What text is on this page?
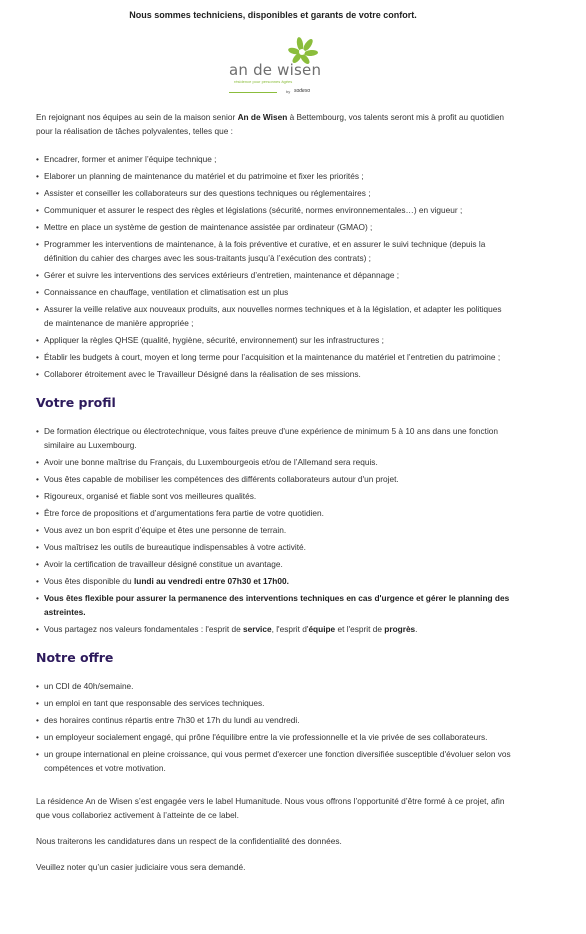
Nous sommes techniciens, disponibles et garants de votre confort.
an de wisen
résidence pour personnes âgées
by sodexo

En rejoignant nos équipes au sein de la maison senior An de Wisen à Bettembourg, vos talents seront mis à profit au quotidien pour la réalisation de tâches polyvalentes, telles que :

• Encadrer, former et animer l’équipe technique ;
• Elaborer un planning de maintenance du matériel et du patrimoine et fixer les priorités ;
• Assister et conseiller les collaborateurs sur des questions techniques ou réglementaires ;
• Communiquer et assurer le respect des règles et législations (sécurité, normes environnementales…) en vigueur ;
• Mettre en place un système de gestion de maintenance assistée par ordinateur (GMAO) ;
• Programmer les interventions de maintenance, à la fois préventive et curative, et en assurer le suivi technique (depuis la définition du cahier des charges avec les sous-traitants jusqu’à l’exécution des contrats) ;
• Gérer et suivre les interventions des services extérieurs d’entretien, maintenance et dépannage ;
• Connaissance en chauffage, ventilation et climatisation est un plus
• Assurer la veille relative aux nouveaux produits, aux nouvelles normes techniques et à la législation, et adapter les politiques de maintenance de manière appropriée ;
• Appliquer la règles QHSE (qualité, hygiène, sécurité, environnement) sur les infrastructures ;
• Établir les budgets à court, moyen et long terme pour l’acquisition et la maintenance du matériel et l’entretien du patrimoine ;
• Collaborer étroitement avec le Travailleur Désigné dans la réalisation de ses missions.
Votre profil
• De formation électrique ou électrotechnique, vous faites preuve d'une expérience de minimum 5 à 10 ans dans une fonction similaire au Luxembourg.
• Avoir une bonne maîtrise du Français, du Luxembourgeois et/ou de l’Allemand sera requis.
• Vous êtes capable de mobiliser les compétences des différents collaborateurs autour d'un projet.
• Rigoureux, organisé et fiable sont vos meilleures qualités.
• Être force de propositions et d’argumentations fera partie de votre quotidien.
• Vous avez un bon esprit d’équipe et êtes une personne de terrain.
• Vous maîtrisez les outils de bureautique indispensables à votre activité.
• Avoir la certification de travailleur désigné constitue un avantage.
• Vous êtes disponible du lundi au vendredi entre 07h30 et 17h00.
• Vous êtes flexible pour assurer la permanence des interventions techniques en cas d'urgence et gérer le planning des astreintes.
• Vous partagez nos valeurs fondamentales : l'esprit de service, l'esprit d'équipe et l'esprit de progrès.
Notre offre
• un CDI de 40h/semaine.
• un emploi en tant que responsable des services techniques.
• des horaires continus répartis entre 7h30 et 17h du lundi au vendredi.
• un employeur socialement engagé, qui prône l'équilibre entre la vie professionnelle et la vie privée de ses collaborateurs.
• un groupe international en pleine croissance, qui vous permet d'exercer une fonction diversifiée susceptible d'évoluer selon vos compétences et votre motivation.

La résidence An de Wisen s’est engagée vers le label Humanitude. Nous vous offrons l’opportunité d’être formé à ce projet, afin que vous collaboriez activement à l’atteinte de ce label.

Nous traiterons les candidatures dans un respect de la confidentialité des données.

Veuillez noter qu’un casier judiciaire vous sera demandé.
